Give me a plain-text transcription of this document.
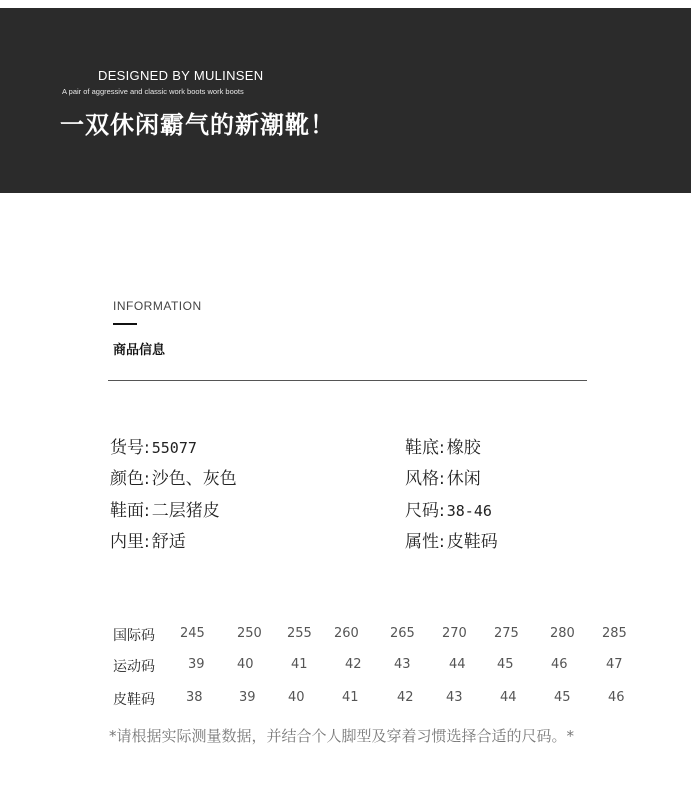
DESIGNED BY MULINSEN
A pair of aggressive and classic work boots work boots
一双休闲霸气的新潮靴！
INFORMATION
商品信息
货号: 55077	鞋底: 橡胶
颜色: 沙色、灰色	风格: 休闲
鞋面: 二层猪皮	尺码: 38-46
内里: 舒适	属性: 皮鞋码
国际码 245 250 255 260 265 270 275 280 285
运动码	39 40	41	42 43	44 45	46	47
皮鞋码 38	39 40	41	42 43	44	45	46
*请根据实际测量数据，并结合个人脚型及穿着习惯选择合适的尺码。*
